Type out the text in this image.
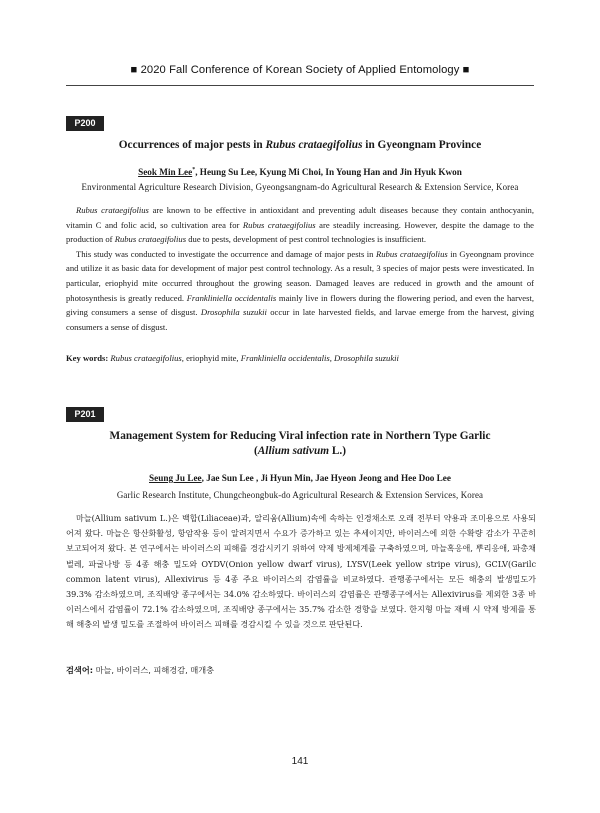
■ 2020 Fall Conference of Korean Society of Applied Entomology ■
P200
Occurrences of major pests in Rubus crataegifolius in Gyeongnam Province
Seok Min Lee*, Heung Su Lee, Kyung Mi Choi, In Young Han and Jin Hyuk Kwon
Environmental Agriculture Research Division, Gyeongsangnam-do Agricultural Research & Extension Service, Korea

Rubus crataegifolius are known to be effective in antioxidant and preventing adult diseases because they contain anthocyanin, vitamin C and folic acid, so cultivation area for Rubus crataegifolius are steadily increasing. However, despite the damage to the production of Rubus crataegifolius due to pests, development of pest control technologies is insufficient.

This study was conducted to investigate the occurrence and damage of major pests in Rubus crataegifolius in Gyeongnam province and utilize it as basic data for development of major pest control technology. As a result, 3 species of major pests were investicated. In particular, eriophyid mite occurred throughout the growing season. Damaged leaves are reduced in growth and the amount of photosynthesis is greatly reduced. Frankliniella occidentalis mainly live in flowers during the flowering period, and even the harvest, giving consumers a sense of disgust. Drosophila suzukii occur in late harvested fields, and larvae emerge from the harvest, giving consumers a sense of disgust.

Key words: Rubus crataegifolius, eriophyid mite, Frankliniella occidentalis, Drosophila suzukii
P201
Management System for Reducing Viral infection rate in Northern Type Garlic
(Allium sativum L.)
Seung Ju Lee, Jae Sun Lee , Ji Hyun Min, Jae Hyeon Jeong and Hee Doo Lee
Garlic Research Institute, Chungcheongbuk-do Agricultural Research & Extension Services, Korea

마늘(Allium sativum L.)은 백합(Liliaceae)과, 알리움(Allium)속에 속하는 인경채소로 오래 전부터 약용과 조미용으로 사용되어져 왔다. 마늘은 항산화활성, 항암작용 등이 알려지면서 수요가 증가하고 있는 추세이지만, 바이러스에 의한 수확량 감소가 꾸준히 보고되어져 왔다. 본 연구에서는 바이러스의 피해를 경감시키기 위하여 약제 방제체계를 구축하였으며, 마늘혹응애, 뿌리응애, 파총채벌레, 파굴나방 등 4종 해충 밀도와 OYDV(Onion yellow dwarf virus), LYSV(Leek yellow stripe virus), GCLV(Garilc common latent virus), Allexivirus 등 4종 주요 바이러스의 감염률을 비교하였다. 관행종구에서는 모든 해충의 발생밀도가 39.3% 감소하였으며, 조직배양 종구에서는 34.0% 감소하였다. 바이러스의 감염률은 관행종구에서는 Allexivirus를 제외한 3종 바이러스에서 감염률이 72.1% 감소하였으며, 조직배양 종구에서는 35.7% 감소한 경향을 보였다. 한지형 마늘 재배 시 약제 방제를 통해 해충의 발생 밀도를 조절하여 바이러스 피해를 경감시킬 수 있을 것으로 판단된다.

검색어: 마늘, 바이러스, 피해경감, 매개충
141
